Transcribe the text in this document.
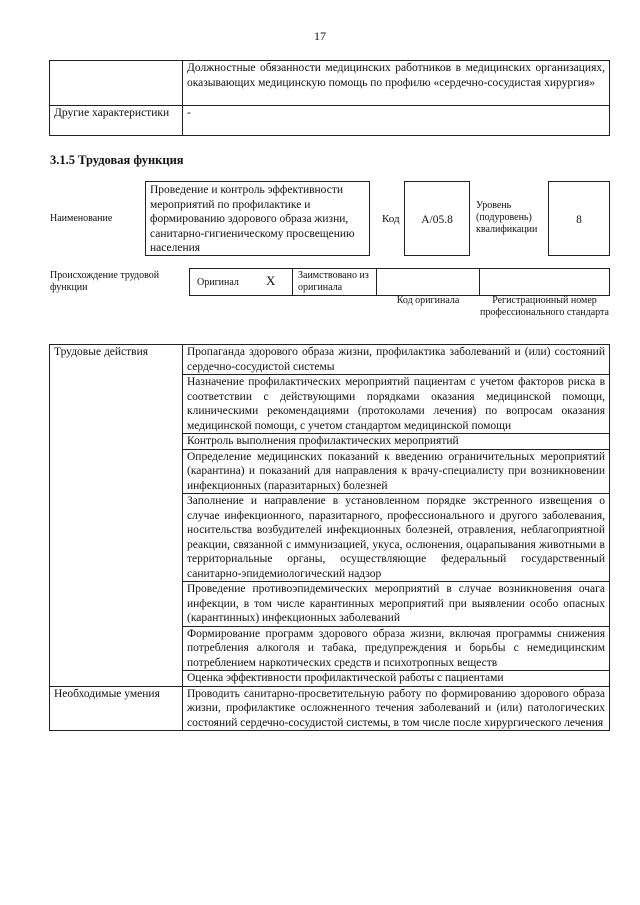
17
	Должностные обязанности медицинских работников в медицинских организациях, оказывающих медицинскую помощь по профилю «сердечно-сосудистая хирургия»
Другие характеристики	-
3.1.5 Трудовая функция
Наименование
Проведение и контроль эффективности мероприятий по профилактике и формированию здорового образа жизни, санитарно-гигиеническому просвещению населения
Код	A/05.8
Уровень (подуровень) квалификации
8
Происхождение трудовой функции	Оригинал X Заимствовано из оригинала
Код оригинала	Регистрационный номер профессионального стандарта
Трудовые действия	Пропаганда здорового образа жизни, профилактика заболеваний и (или) состояний сердечно-сосудистой системы
	Назначение профилактических мероприятий пациентам с учетом факторов риска в соответствии с действующими порядками оказания медицинской помощи, клиническими рекомендациями (протоколами лечения) по вопросам оказания медицинской помощи, с учетом стандартом медицинской помощи
	Контроль выполнения профилактических мероприятий
	Определение медицинских показаний к введению ограничительных мероприятий (карантина) и показаний для направления к врачу-специалисту при возникновении инфекционных (паразитарных) болезней
	Заполнение и направление в установленном порядке экстренного извещения о случае инфекционного, паразитарного, профессионального и другого заболевания, носительства возбудителей инфекционных болезней, отравления, неблагоприятной реакции, связанной с иммунизацией, укуса, ослюнения, оцарапывания животными в территориальные органы, осуществляющие федеральный государственный санитарно-эпидемиологический надзор
	Проведение противоэпидемических мероприятий в случае возникновения очага инфекции, в том числе карантинных мероприятий при выявлении особо опасных (карантинных) инфекционных заболеваний
	Формирование программ здорового образа жизни, включая программы снижения потребления алкоголя и табака, предупреждения и борьбы с немедицинским потреблением наркотических средств и психотропных веществ
	Оценка эффективности профилактической работы с пациентами
Необходимые умения	Проводить санитарно-просветительную работу по формированию здорового образа жизни, профилактике осложненного течения заболеваний и (или) патологических состояний сердечно-сосудистой системы, в том числе после хирургического лечения
